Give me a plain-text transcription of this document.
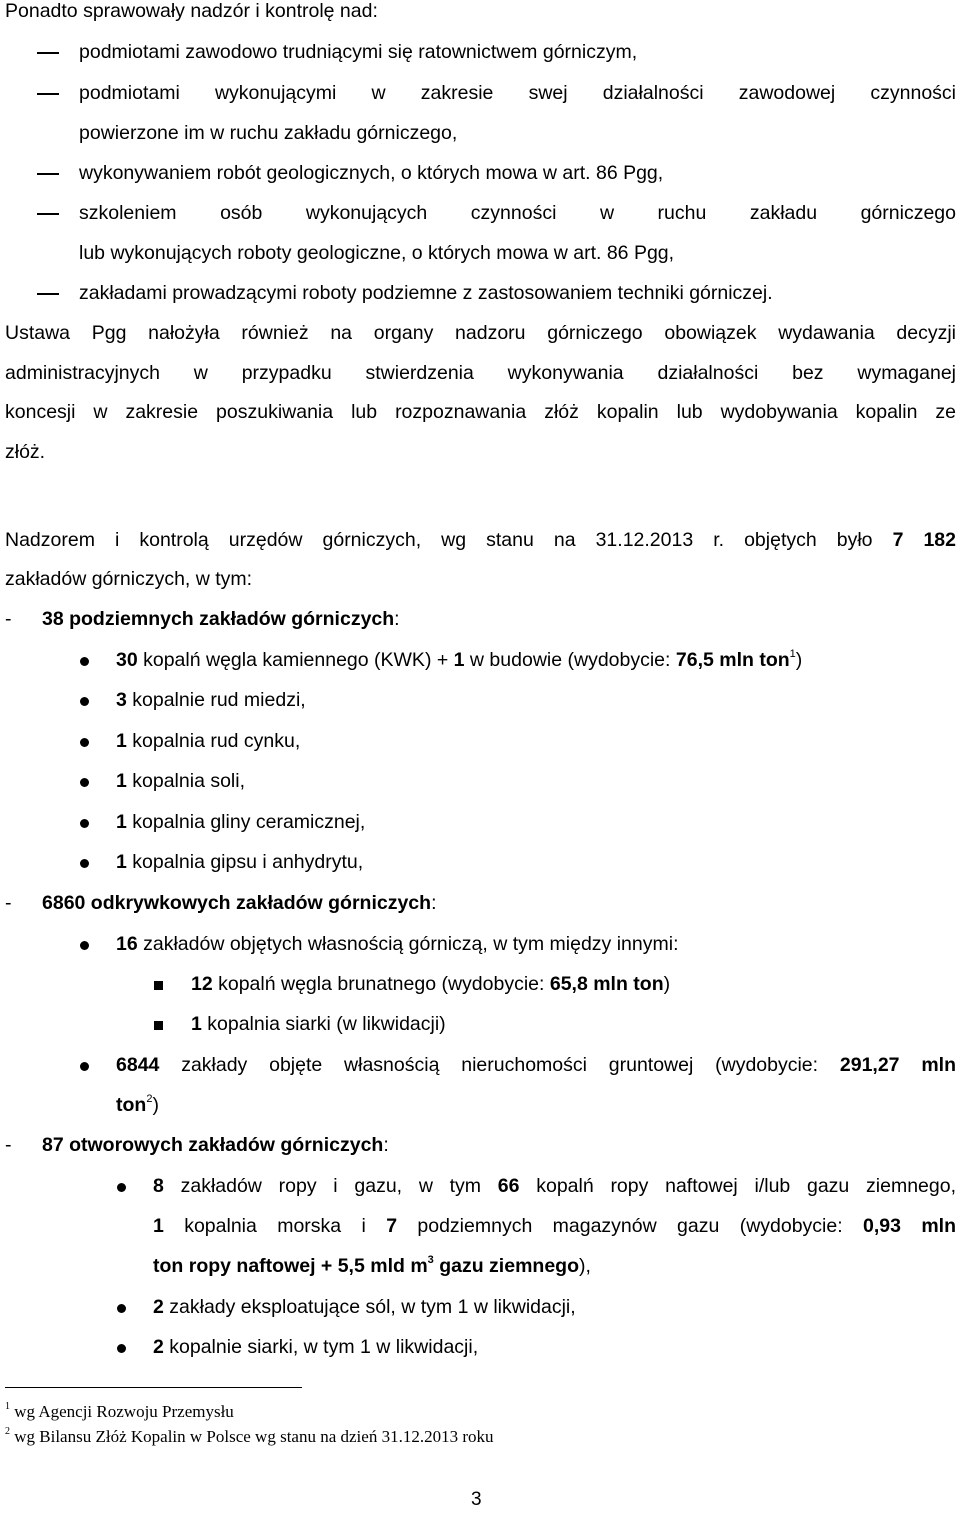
Ponadto sprawowały nadzór i kontrolę nad:
podmiotami zawodowo trudniącymi się ratownictwem górniczym,
podmiotami wykonującymi w zakresie swej działalności zawodowej czynności
powierzone im w ruchu zakładu górniczego,
wykonywaniem robót geologicznych, o których mowa w art. 86 Pgg,
szkoleniem osób wykonujących czynności w ruchu zakładu górniczego
lub wykonujących roboty geologiczne, o których mowa w art. 86 Pgg,
zakładami prowadzącymi roboty podziemne z zastosowaniem techniki górniczej.
Ustawa Pgg nałożyła również na organy nadzoru górniczego obowiązek wydawania decyzji
administracyjnych w przypadku stwierdzenia wykonywania działalności bez wymaganej
koncesji w zakresie poszukiwania lub rozpoznawania złóż kopalin lub wydobywania kopalin ze
złóż.
Nadzorem i kontrolą urzędów górniczych, wg stanu na 31.12.2013 r. objętych było 7 182
zakładów górniczych, w tym:
- 38 podziemnych zakładów górniczych:
30 kopalń węgla kamiennego (KWK) + 1 w budowie (wydobycie: 76,5 mln ton$^1$)
3 kopalnie rud miedzi,
1 kopalnia rud cynku,
1 kopalnia soli,
1 kopalnia gliny ceramicznej,
1 kopalnia gipsu i anhydrytu,
- 6860 odkrywkowych zakładów górniczych:
16 zakładów objętych własnością górniczą, w tym między innymi:
12 kopalń węgla brunatnego (wydobycie: 65,8 mln ton)
1 kopalnia siarki (w likwidacji)
6844 zakłady objęte własnością nieruchomości gruntowej (wydobycie: 291,27 mln
ton$^2$)
- 87 otworowych zakładów górniczych:
8 zakładów ropy i gazu, w tym 66 kopalń ropy naftowej i/lub gazu ziemnego,
1 kopalnia morska i 7 podziemnych magazynów gazu (wydobycie: 0,93 mln
ton ropy naftowej + 5,5 mld $m^3$ gazu ziemnego),
2 zakłady eksploatujące sól, w tym 1 w likwidacji,
2 kopalnie siarki, w tym 1 w likwidacji,
$^1$ wg Agencji Rozwoju Przemysłu
$^2$ wg Bilansu Złóż Kopalin w Polsce wg stanu na dzień 31.12.2013 roku
3
